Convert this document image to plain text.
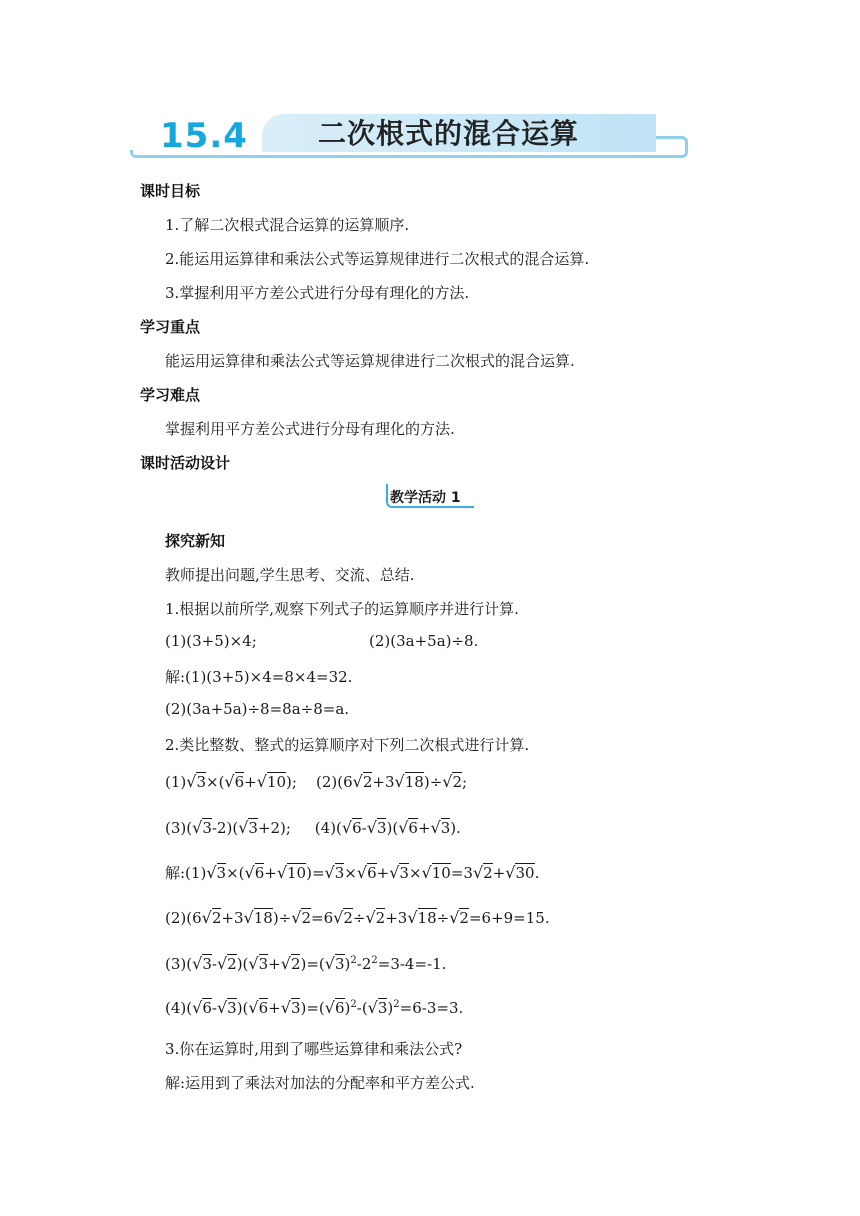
15.4	二次根式的混合运算
课时目标
1.了解二次根式混合运算的运算顺序.
2.能运用运算律和乘法公式等运算规律进行二次根式的混合运算.
3.掌握利用平方差公式进行分母有理化的方法.
学习重点
能运用运算律和乘法公式等运算规律进行二次根式的混合运算.
学习难点
掌握利用平方差公式进行分母有理化的方法.
课时活动设计
教学活动 1
探究新知
教师提出问题,学生思考、交流、总结.
1.根据以前所学,观察下列式子的运算顺序并进行计算.
(1)(3+5)×4;	(2)(3a+5a)÷8.
解:(1)(3+5)×4=8×4=32.
(2)(3a+5a)÷8=8a÷8=a.
2.类比整数、整式的运算顺序对下列二次根式进行计算.
(1)√3×(√6+√10);    (2)(6√2+3√18)÷√2;
(3)(√3-2)(√3+2);     (4)(√6-√3)(√6+√3).
解:(1)√3×(√6+√10)=√3×√6+√3×√10=3√2+√30.
(2)(6√2+3√18)÷√2=6√2÷√2+3√18÷√2=6+9=15.
$(3)(√3-√2)(√3+√2)=(√3)^2-2^2=3-4=-1$.
$(4)(√6-√3)(√6+√3)=(√6)^2-(√3)^2=6-3=3$.
3.你在运算时,用到了哪些运算律和乘法公式?
解:运用到了乘法对加法的分配率和平方差公式.
